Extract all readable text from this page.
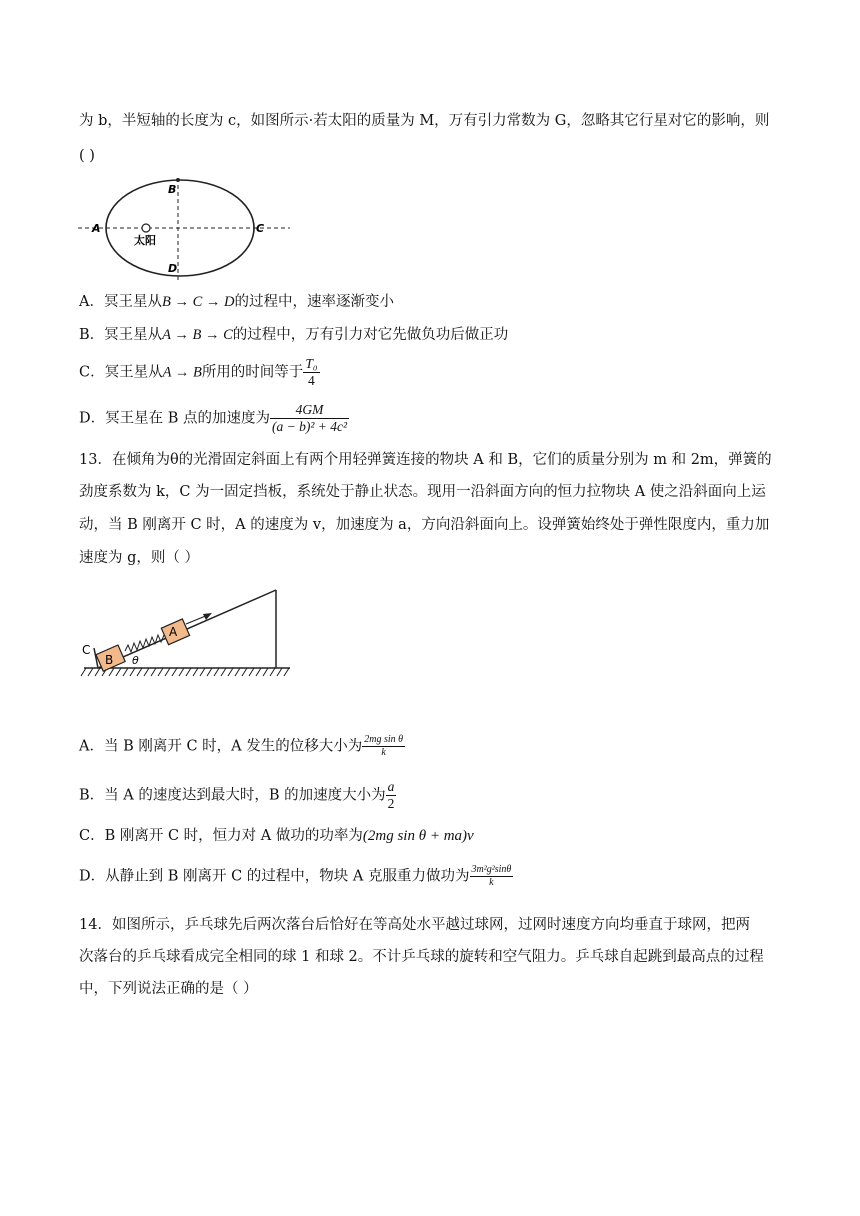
为 b，半短轴的长度为 c，如图所示·若太阳的质量为 M，万有引力常数为 G，忽略其它行星对它的影响，则
( )
太阳
A
B
C
D
A．冥王星从B → C → D的过程中，速率逐渐变小
B．冥王星从A → B → C的过程中，万有引力对它先做负功后做正功
C．冥王星从A → B所用的时间等于 $\frac{\text{T₀}}{4}$
D．冥王星在 B 点的加速度为 $\frac{4GM}{\text{(a − b)² + 4c²}}$
13．在倾角为θ的光滑固定斜面上有两个用轻弹簧连接的物块 A 和 B，它们的质量分别为 m 和 2m，弹簧的
劲度系数为 k，C 为一固定挡板，系统处于静止状态。现用一沿斜面方向的恒力拉物块 A 使之沿斜面向上运
动，当 B 刚离开 C 时，A 的速度为 v，加速度为 a，方向沿斜面向上。设弹簧始终处于弹性限度内，重力加
速度为 g，则（ ）
C
B
A
θ
A．当 B 刚离开 C 时，A 发生的位移大小为 $\frac{\text{2mg sin θ}}{k}$
B．当 A 的速度达到最大时，B 的加速度大小为 $\frac{a}{2}$
C．B 刚离开 C 时，恒力对 A 做功的功率为(2mg sin θ + ma)v
D．从静止到 B 刚离开 C 的过程中，物块 A 克服重力做功为 $\frac{\text{3m²g²sinθ}}{k}$
14．如图所示，乒乓球先后两次落台后恰好在等高处水平越过球网，过网时速度方向均垂直于球网，把两
次落台的乒乓球看成完全相同的球 1 和球 2。不计乒乓球的旋转和空气阻力。乒乓球自起跳到最高点的过程
中，下列说法正确的是（ ）
